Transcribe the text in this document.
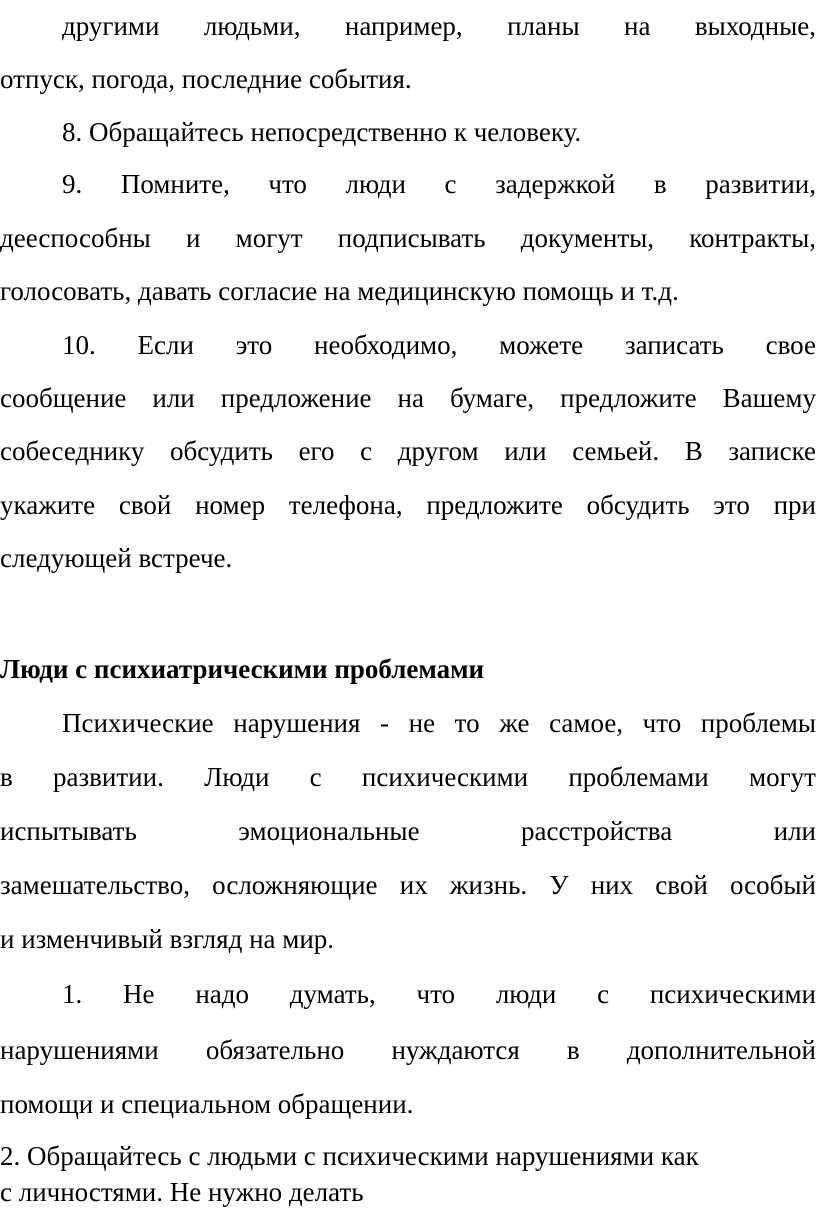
другими людьми, например, планы на выходные,
отпуск, погода, последние события.
8. Обращайтесь непосредственно к человеку.
9. Помните, что люди с задержкой в развитии,
дееспособны и могут подписывать документы, контракты,
голосовать, давать согласие на медицинскую помощь и т.д.
10. Если это необходимо, можете записать свое
сообщение или предложение на бумаге, предложите Вашему
собеседнику обсудить его с другом или семьей. В записке
укажите свой номер телефона, предложите обсудить это при
следующей встрече.
Люди с психиатрическими проблемами
Психические нарушения - не то же самое, что проблемы
в развитии. Люди с психическими проблемами могут
испытывать эмоциональные расстройства или
замешательство, осложняющие их жизнь. У них свой особый
и изменчивый взгляд на мир.
1. Не надо думать, что люди с психическими
нарушениями обязательно нуждаются в дополнительной
помощи и специальном обращении.
2. Обращайтесь с людьми с психическими нарушениями как
с личностями. Не нужно делать
